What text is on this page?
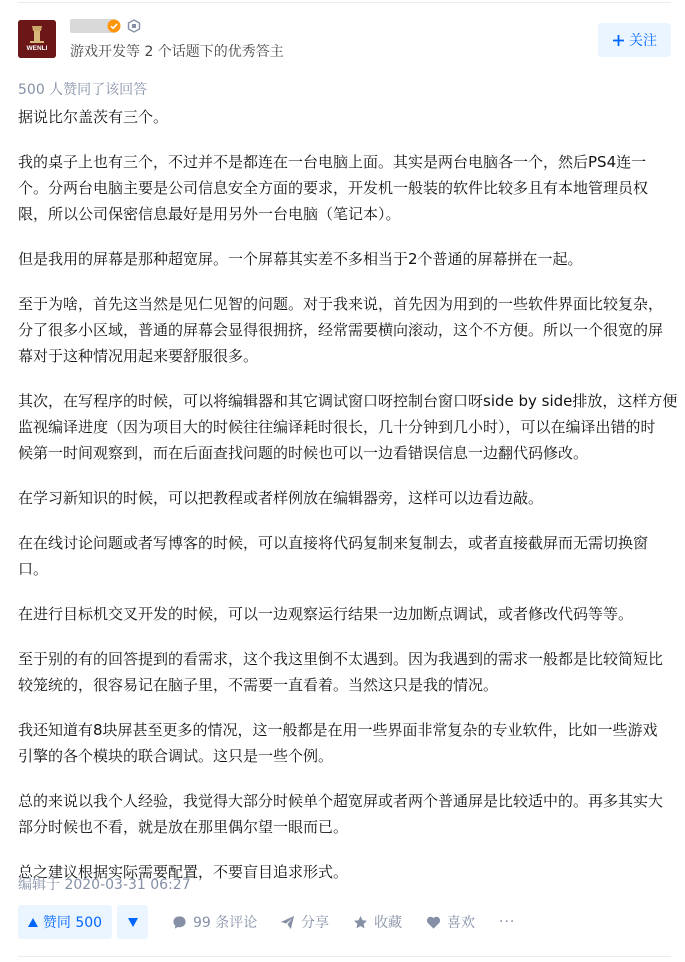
WENLI 游戏开发等 2 个话题下的优秀答主
关注
500 人赞同了该回答

据说比尔盖茨有三个。

我的桌子上也有三个，不过并不是都连在一台电脑上面。其实是两台电脑各一个，然后PS4连一
个。分两台电脑主要是公司信息安全方面的要求，开发机一般装的软件比较多且有本地管理员权
限，所以公司保密信息最好是用另外一台电脑（笔记本）。

但是我用的屏幕是那种超宽屏。一个屏幕其实差不多相当于2个普通的屏幕拼在一起。

至于为啥，首先这当然是见仁见智的问题。对于我来说，首先因为用到的一些软件界面比较复杂，
分了很多小区域，普通的屏幕会显得很拥挤，经常需要横向滚动，这个不方便。所以一个很宽的屏
幕对于这种情况用起来要舒服很多。

其次，在写程序的时候，可以将编辑器和其它调试窗口呀控制台窗口呀side by side排放，这样方便
监视编译进度（因为项目大的时候往往编译耗时很长，几十分钟到几小时），可以在编译出错的时
候第一时间观察到，而在后面查找问题的时候也可以一边看错误信息一边翻代码修改。

在学习新知识的时候，可以把教程或者样例放在编辑器旁，这样可以边看边敲。

在在线讨论问题或者写博客的时候，可以直接将代码复制来复制去，或者直接截屏而无需切换窗
口。

在进行目标机交叉开发的时候，可以一边观察运行结果一边加断点调试，或者修改代码等等。

至于别的有的回答提到的看需求，这个我这里倒不太遇到。因为我遇到的需求一般都是比较简短比
较笼统的，很容易记在脑子里，不需要一直看着。当然这只是我的情况。

我还知道有8块屏甚至更多的情况，这一般都是在用一些界面非常复杂的专业软件，比如一些游戏
引擎的各个模块的联合调试。这只是一些个例。

总的来说以我个人经验，我觉得大部分时候单个超宽屏或者两个普通屏是比较适中的。再多其实大
部分时候也不看，就是放在那里偶尔望一眼而已。

总之建议根据实际需要配置，不要盲目追求形式。

编辑于 2020-03-31 06:27
赞同 500	99 条评论	分享	收藏	喜欢 ···
